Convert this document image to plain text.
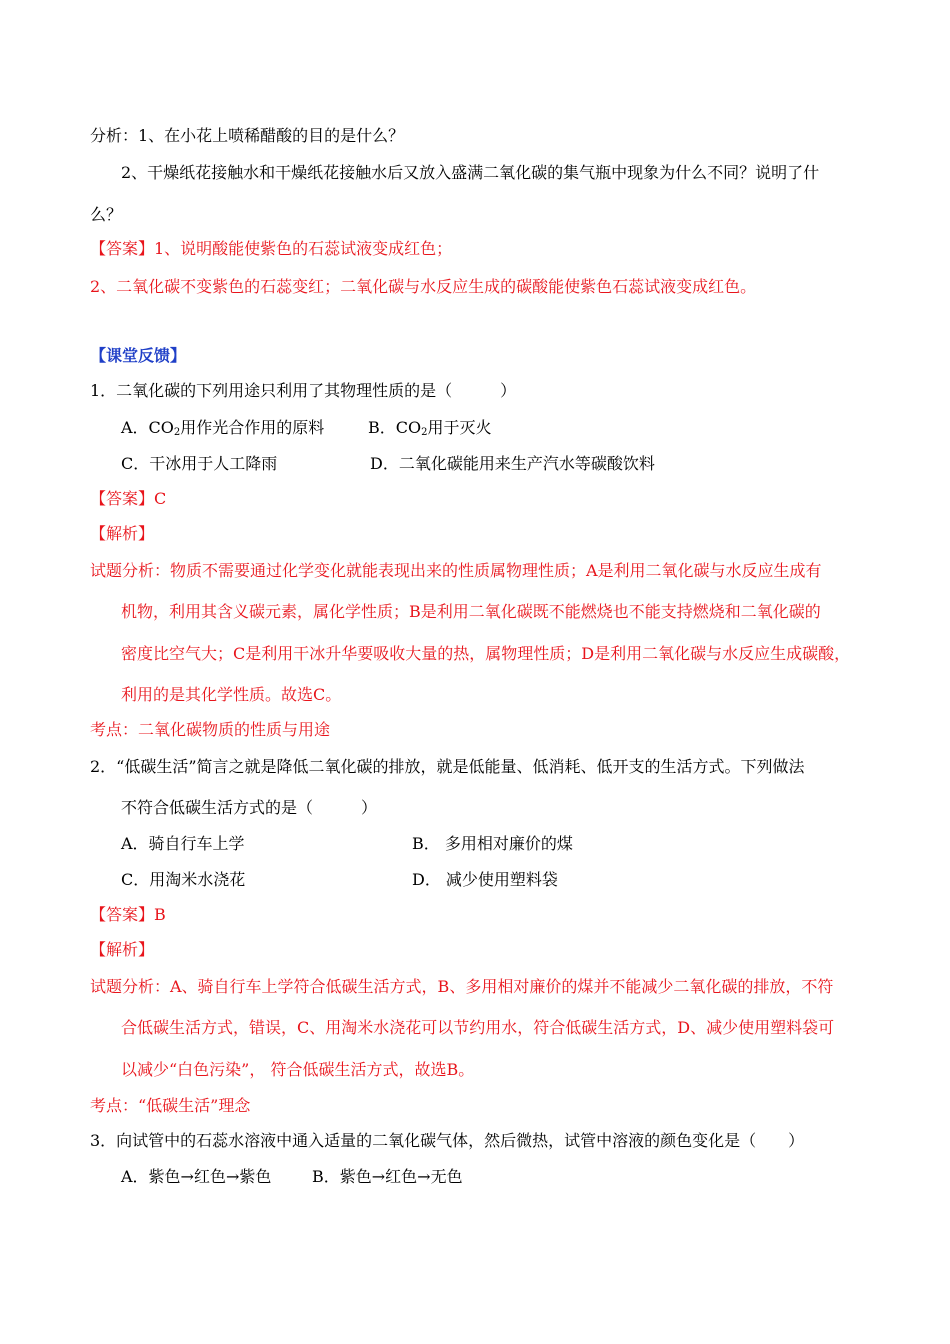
分析：1、在小花上喷稀醋酸的目的是什么？
2、干燥纸花接触水和干燥纸花接触水后又放入盛满二氧化碳的集气瓶中现象为什么不同？说明了什
么？
【答案】1、说明酸能使紫色的石蕊试液变成红色；
2、二氧化碳不变紫色的石蕊变红；二氧化碳与水反应生成的碳酸能使紫色石蕊试液变成红色。
【课堂反馈】
1．二氧化碳的下列用途只利用了其物理性质的是（　　　）
A．$CO_2$用作光合作用的原料	B．$CO_2$用于灭火
C．干冰用于人工降雨	D．二氧化碳能用来生产汽水等碳酸饮料
【答案】C
【解析】
试题分析：物质不需要通过化学变化就能表现出来的性质属物理性质；A是利用二氧化碳与水反应生成有
机物，利用其含义碳元素，属化学性质；B是利用二氧化碳既不能燃烧也不能支持燃烧和二氧化碳的
密度比空气大；C是利用干冰升华要吸收大量的热，属物理性质；D是利用二氧化碳与水反应生成碳酸，
利用的是其化学性质。故选C。
考点：二氧化碳物质的性质与用途
2．“低碳生活”简言之就是降低二氧化碳的排放，就是低能量、低消耗、低开支的生活方式。下列做法
不符合低碳生活方式的是（　　　）
A．骑自行车上学	B． 多用相对廉价的煤
C．用淘米水浇花	D． 减少使用塑料袋
【答案】B
【解析】
试题分析：A、骑自行车上学符合低碳生活方式，B、多用相对廉价的煤并不能减少二氧化碳的排放，不符
合低碳生活方式，错误，C、用淘米水浇花可以节约用水，符合低碳生活方式，D、减少使用塑料袋可
以减少“白色污染”， 符合低碳生活方式，故选B。
考点：“低碳生活”理念
3．向试管中的石蕊水溶液中通入适量的二氧化碳气体，然后微热，试管中溶液的颜色变化是（　　）
A．紫色→红色→紫色	B．紫色→红色→无色
